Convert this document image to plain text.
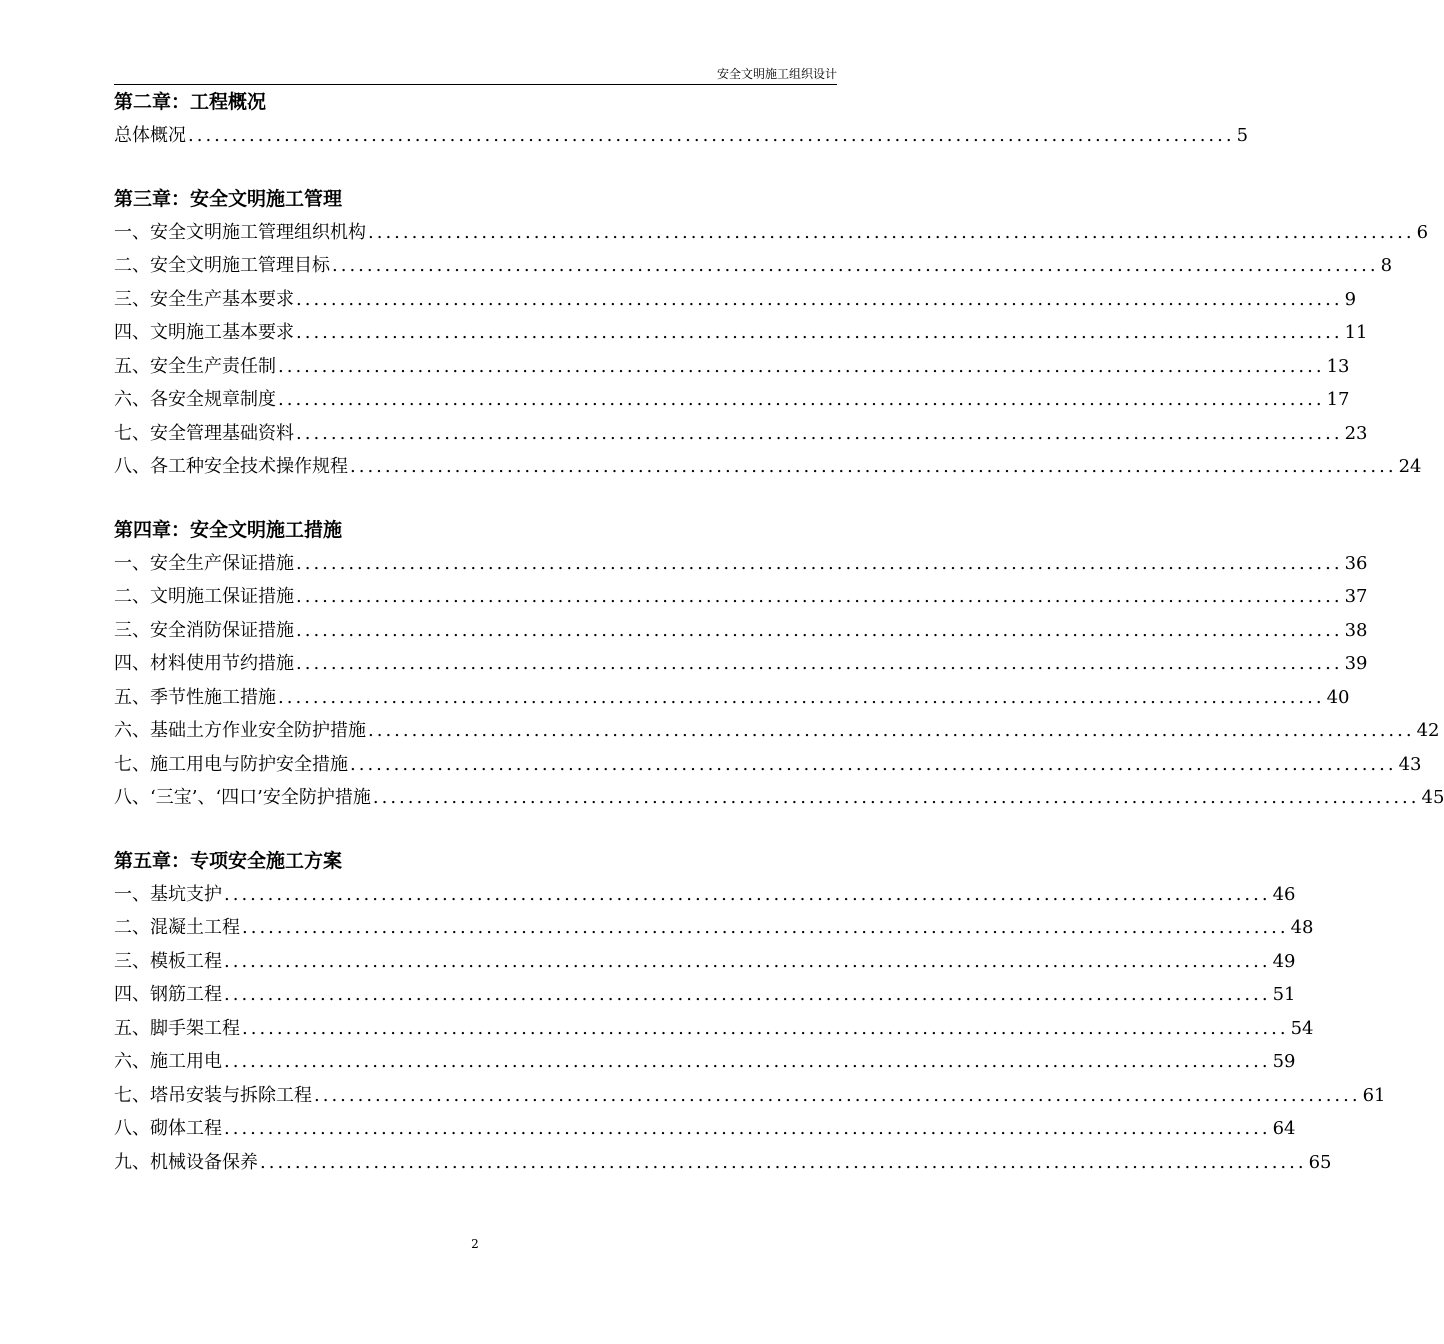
安全文明施工组织设计
第二章：工程概况
总体概况 ........................................................................................................................ 5
第三章：安全文明施工管理
一、安全文明施工管理组织机构 ........................................................................................................................ 6
二、安全文明施工管理目标 ........................................................................................................................ 8
三、安全生产基本要求 ........................................................................................................................ 9
四、文明施工基本要求 ........................................................................................................................ 11
五、安全生产责任制 ........................................................................................................................ 13
六、各安全规章制度 ........................................................................................................................ 17
七、安全管理基础资料 ........................................................................................................................ 23
八、各工种安全技术操作规程 ........................................................................................................................ 24
第四章：安全文明施工措施
一、安全生产保证措施 ........................................................................................................................ 36
二、文明施工保证措施 ........................................................................................................................ 37
三、安全消防保证措施 ........................................................................................................................ 38
四、材料使用节约措施 ........................................................................................................................ 39
五、季节性施工措施 ........................................................................................................................ 40
六、基础土方作业安全防护措施 ........................................................................................................................ 42
七、施工用电与防护安全措施 ........................................................................................................................ 43
八、‘三宝’、‘四口’安全防护措施 ........................................................................................................................ 45
第五章：专项安全施工方案
一、基坑支护 ........................................................................................................................ 46
二、混凝土工程 ........................................................................................................................ 48
三、模板工程 ........................................................................................................................ 49
四、钢筋工程 ........................................................................................................................ 51
五、脚手架工程 ........................................................................................................................ 54
六、施工用电 ........................................................................................................................ 59
七、塔吊安装与拆除工程 ........................................................................................................................ 61
八、砌体工程 ........................................................................................................................ 64
九、机械设备保养 ........................................................................................................................ 65
2
